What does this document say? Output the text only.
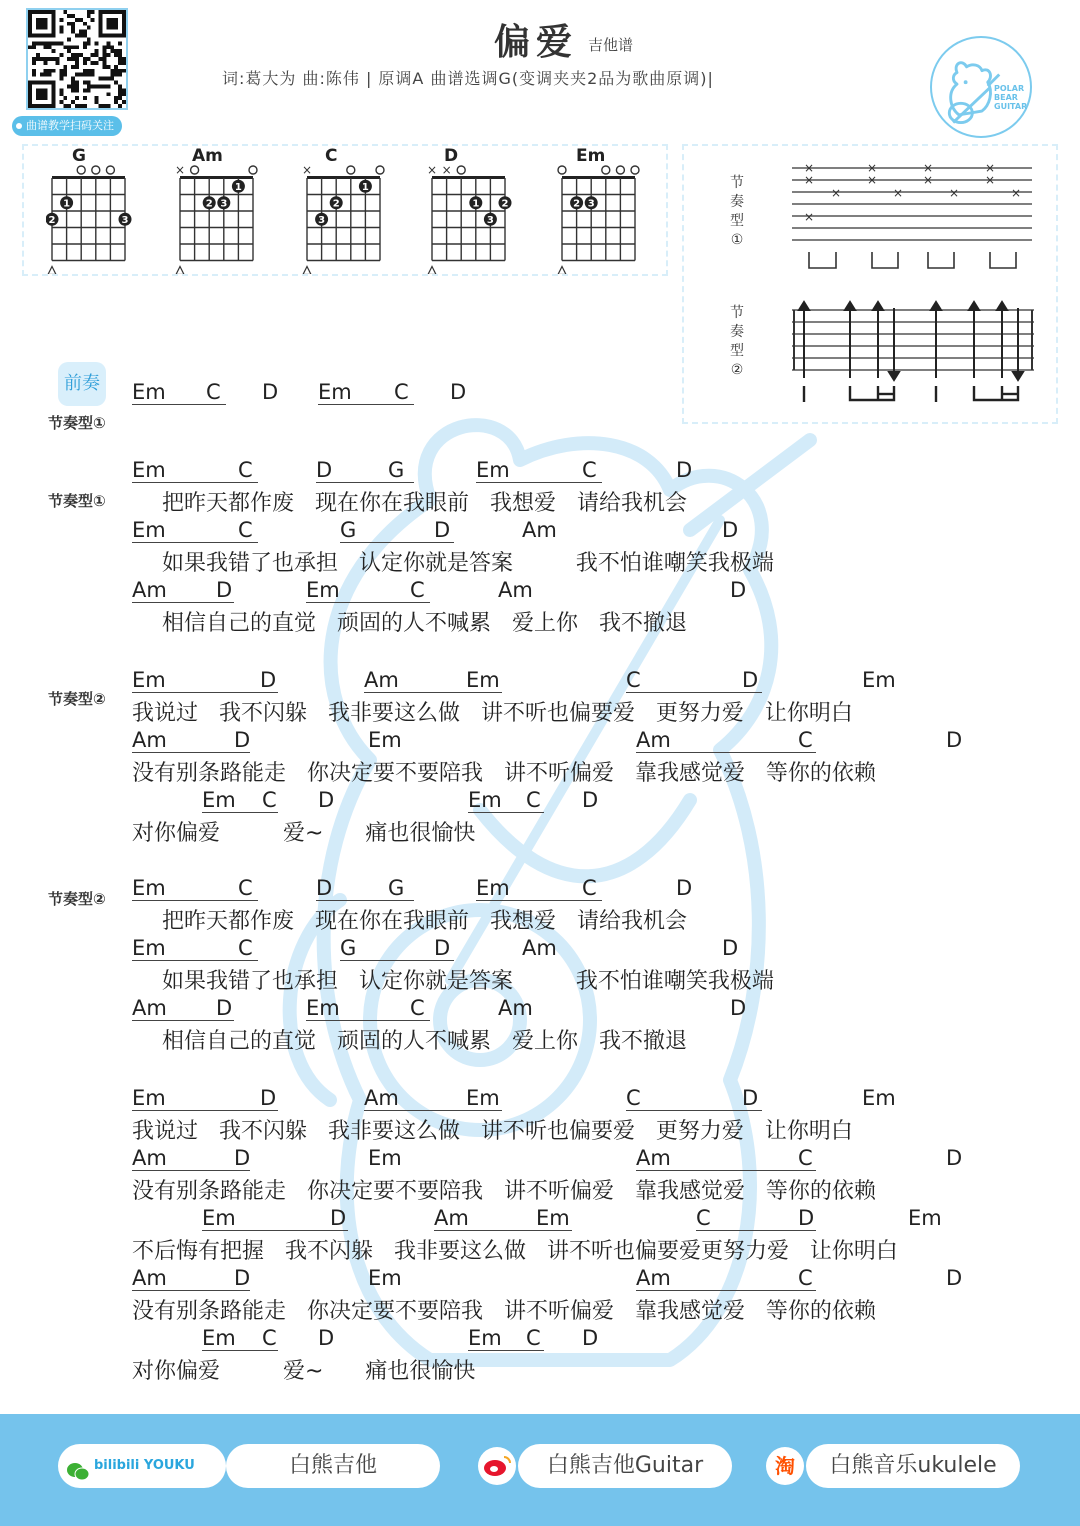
曲谱教学扫码关注
偏爱 吉他谱
词:葛大为 曲:陈伟 | 原调A 曲谱选调G(变调夹夹2品为歌曲原调)|
POLAR
BEAR
GUITAR
G
1
2	3
Am
×
1
2 3
C
×
1
2
3
D
× ×
1 2
3
Em
2 3
节
奏
型
①
节
奏
型
②
×
×
×
×
×
×
×
×
×
×
×
×
×
前奏
节奏型①
Em C D Em C D
节奏型①
节奏型②
节奏型②
Em	C	D	G	Em	C	D
把昨天都作废   现在你在我眼前   我想爱   请给我机会
Em	C	G	D	Am	D
如果我错了也承担   认定你就是答案         我不怕谁嘲笑我极端
Am D	Em	C	Am	D
相信自己的直觉   顽固的人不喊累   爱上你   我不撤退
Em	D	Am	Em	C	D	Em
我说过   我不闪躲   我非要这么做   讲不听也偏要爱   更努力爱   让你明白
Am	D	Em	Am	C	D
没有别条路能走   你决定要不要陪我   讲不听偏爱   靠我感觉爱   等你的依赖
Em C D	Em C D
对你偏爱         爱~      痛也很愉快
Em	C	D	G	Em	C	D
把昨天都作废   现在你在我眼前   我想爱   请给我机会
Em	C	G	D	Am	D
如果我错了也承担   认定你就是答案         我不怕谁嘲笑我极端
Am D	Em	C	Am	D
相信自己的直觉   顽固的人不喊累   爱上你   我不撤退
Em	D	Am	Em	C	D	Em
我说过   我不闪躲   我非要这么做   讲不听也偏要爱   更努力爱   让你明白
Am	D	Em	Am	C	D
没有别条路能走   你决定要不要陪我   讲不听偏爱   靠我感觉爱   等你的依赖
Em	D	Am	Em	C	D	Em
不后悔有把握   我不闪躲   我非要这么做   讲不听也偏要爱更努力爱   让你明白
Am	D	Em	Am	C	D
没有别条路能走   你决定要不要陪我   讲不听偏爱   靠我感觉爱   等你的依赖
Em C D	Em C D
对你偏爱         爱~      痛也很愉快
bilibili YOUKU	白熊吉他	白熊吉他Guitar	淘	白熊音乐ukulele
